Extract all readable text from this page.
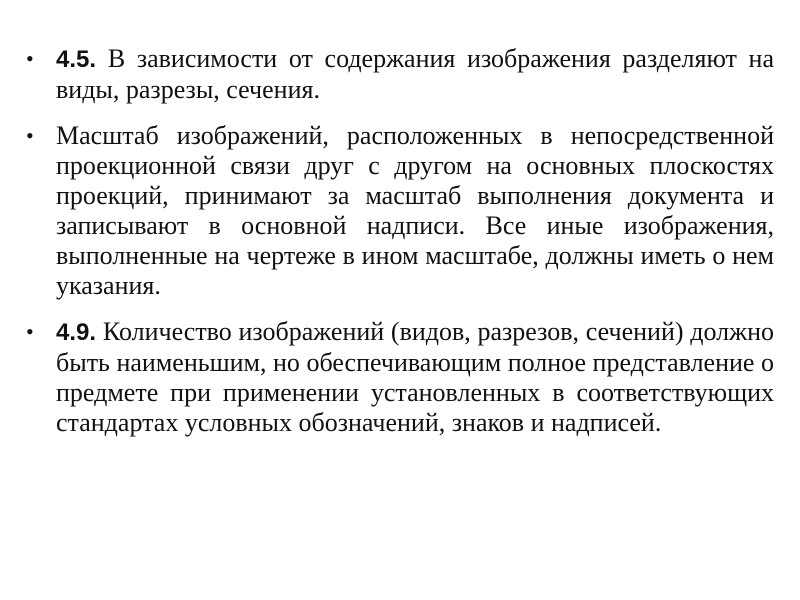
• 4.5. В зависимости от содержания изображения разделяют на виды, разрезы, сечения.
• Масштаб изображений, расположенных в непосредственной проекционной связи друг с другом на основных плоскостях проекций, принимают за масштаб выполнения документа и записывают в основной надписи. Все иные изображения, выполненные на чертеже в ином масштабе, должны иметь о нем указания.
• 4.9. Количество изображений (видов, разрезов, сечений) должно быть наименьшим, но обеспечивающим полное представление о предмете при применении установленных в соответствующих стандартах условных обозначений, знаков и надписей.
